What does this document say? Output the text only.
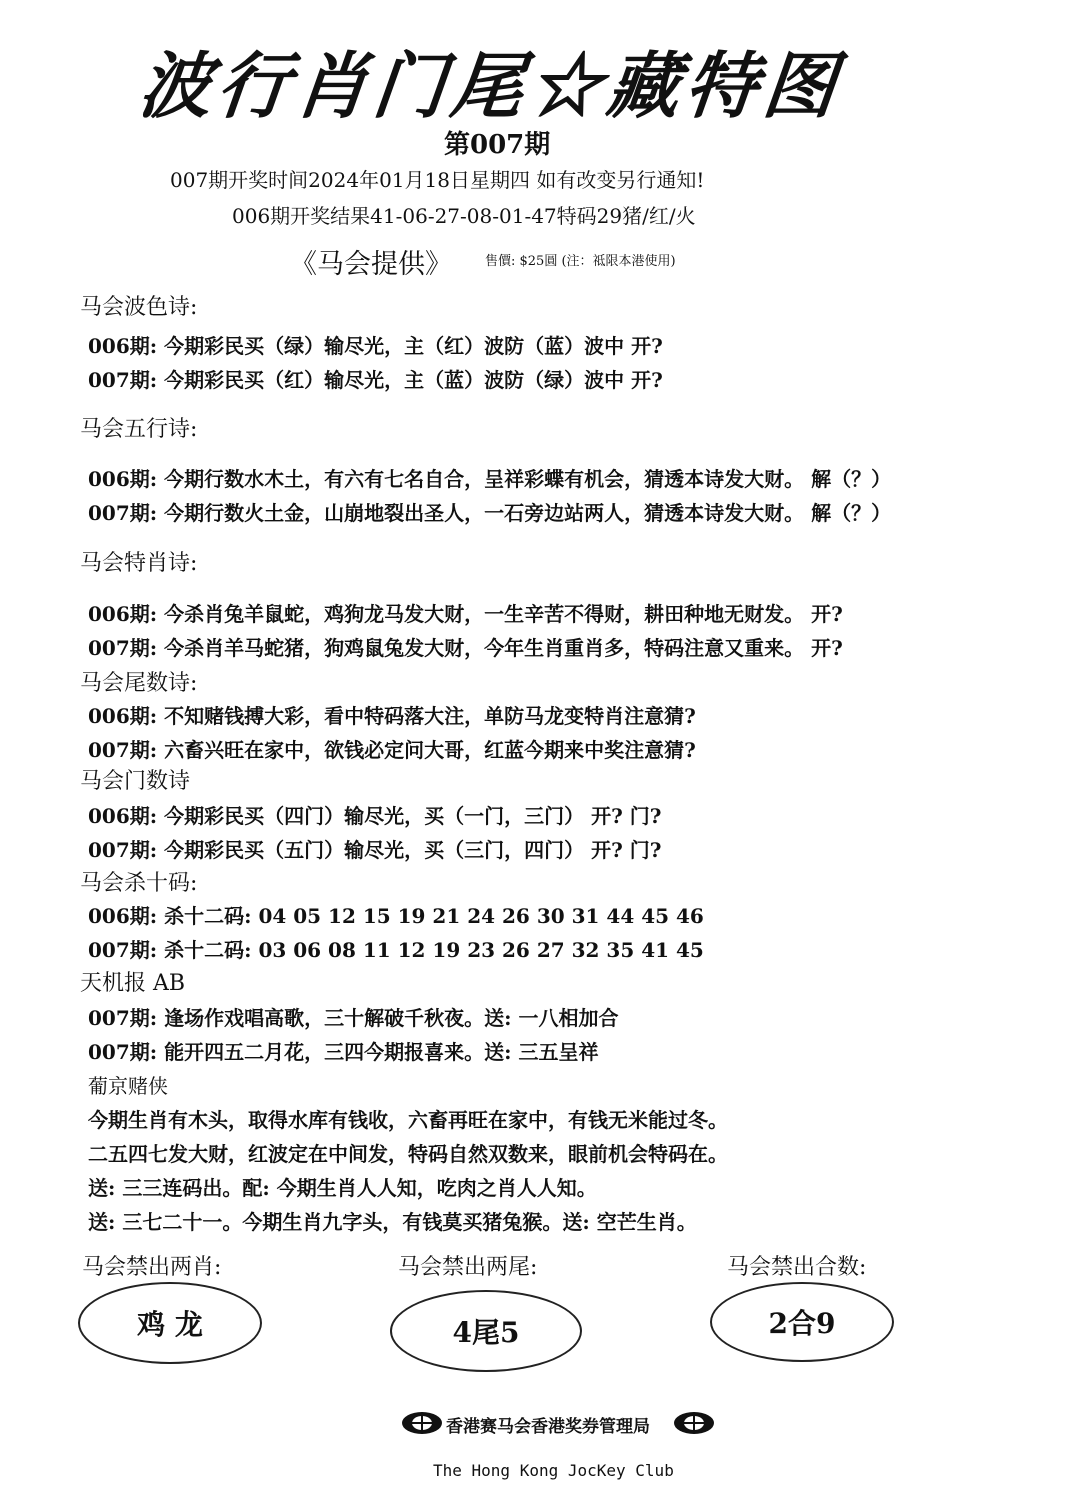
波行肖门尾☆藏特图
第007期
007期开奖时间2024年01月18日星期四 如有改变另行通知!
006期开奖结果41-06-27-08-01-47特码29猪/红/火
《马会提供》	售價: $25圓 (注：祗限本港使用)
马会波色诗:
006期: 今期彩民买（绿）输尽光，主（红）波防（蓝）波中 开?
007期: 今期彩民买（红）输尽光，主（蓝）波防（绿）波中 开?
马会五行诗:
006期: 今期行数水木土，有六有七名自合，呈祥彩蝶有机会，猜透本诗发大财。 解（？）
007期: 今期行数火土金，山崩地裂出圣人，一石旁边站两人，猜透本诗发大财。 解（？）
马会特肖诗:
006期: 今杀肖兔羊鼠蛇，鸡狗龙马发大财，一生辛苦不得财，耕田种地无财发。 开?
007期: 今杀肖羊马蛇猪，狗鸡鼠兔发大财，今年生肖重肖多，特码注意又重来。 开?
马会尾数诗:
006期: 不知赌钱搏大彩，看中特码落大注，单防马龙变特肖注意猜?
007期: 六畜兴旺在家中，欲钱必定问大哥，红蓝今期来中奖注意猜?
马会门数诗
006期: 今期彩民买（四门）输尽光，买（一门，三门） 开? 门?
007期: 今期彩民买（五门）输尽光，买（三门，四门） 开? 门?
马会杀十码:
006期: 杀十二码: 04 05 12 15 19 21 24 26 30 31 44 45 46
007期: 杀十二码: 03 06 08 11 12 19 23 26 27 32 35 41 45
天机报 AB
007期: 逢场作戏唱高歌，三十解破千秋夜。送: 一八相加合
007期: 能开四五二月花，三四今期报喜来。送: 三五呈祥
葡京赌侠
今期生肖有木头，取得水库有钱收，六畜再旺在家中，有钱无米能过冬。
二五四七发大财，红波定在中间发，特码自然双数来，眼前机会特码在。
送: 三三连码出。配: 今期生肖人人知，吃肉之肖人人知。
送: 三七二十一。今期生肖九字头，有钱莫买猪兔猴。送: 空芒生肖。
马会禁出两肖:	马会禁出两尾:	马会禁出合数:
鸡 龙	4尾5	2合9
香港赛马会香港奖券管理局
The Hong Kong JocKey Club
